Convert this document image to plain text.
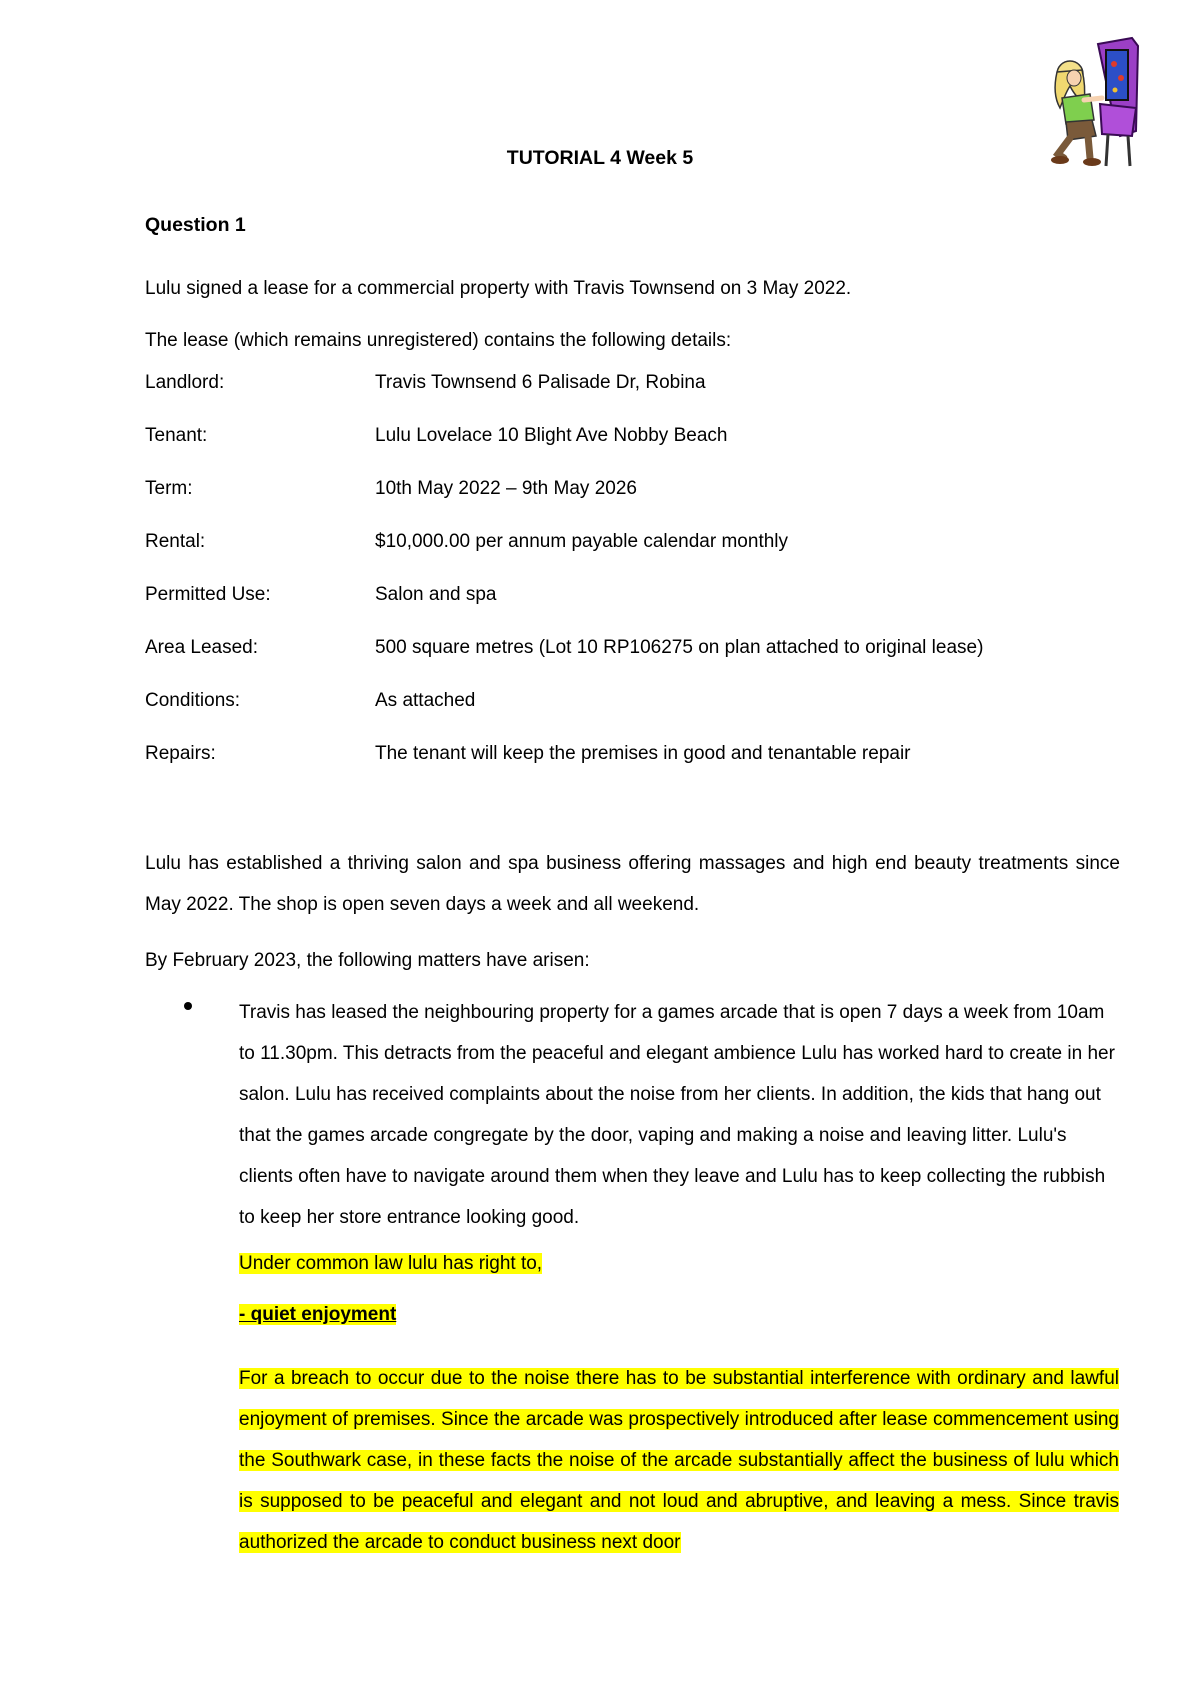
TUTORIAL 4 Week 5
Question 1
Lulu signed a lease for a commercial property with Travis Townsend on 3 May 2022.
The lease (which remains unregistered) contains the following details:
Landlord:	Travis Townsend 6 Palisade Dr, Robina
Tenant:	Lulu Lovelace 10 Blight Ave Nobby Beach
Term:	10th May 2022 – 9th May 2026
Rental:	$10,000.00 per annum payable calendar monthly
Permitted Use:	Salon and spa
Area Leased:	500 square metres (Lot 10 RP106275 on plan attached to original lease)
Conditions:	As attached
Repairs:	The tenant will keep the premises in good and tenantable repair
Lulu has established a thriving salon and spa business offering massages and high end beauty treatments since May 2022. The shop is open seven days a week and all weekend.
By February 2023, the following matters have arisen:
Travis has leased the neighbouring property for a games arcade that is open 7 days a week from 10am to 11.30pm. This detracts from the peaceful and elegant ambience Lulu has worked hard to create in her salon. Lulu has received complaints about the noise from her clients. In addition, the kids that hang out that the games arcade congregate by the door, vaping and making a noise and leaving litter. Lulu's clients often have to navigate around them when they leave and Lulu has to keep collecting the rubbish to keep her store entrance looking good.
Under common law lulu has right to,
- quiet enjoyment
For a breach to occur due to the noise there has to be substantial interference with ordinary and lawful enjoyment of premises. Since the arcade was prospectively introduced after lease commencement using the Southwark case, in these facts the noise of the arcade substantially affect the business of lulu which is supposed to be peaceful and elegant and not loud and abruptive, and leaving a mess. Since travis authorized the arcade to conduct business next door
